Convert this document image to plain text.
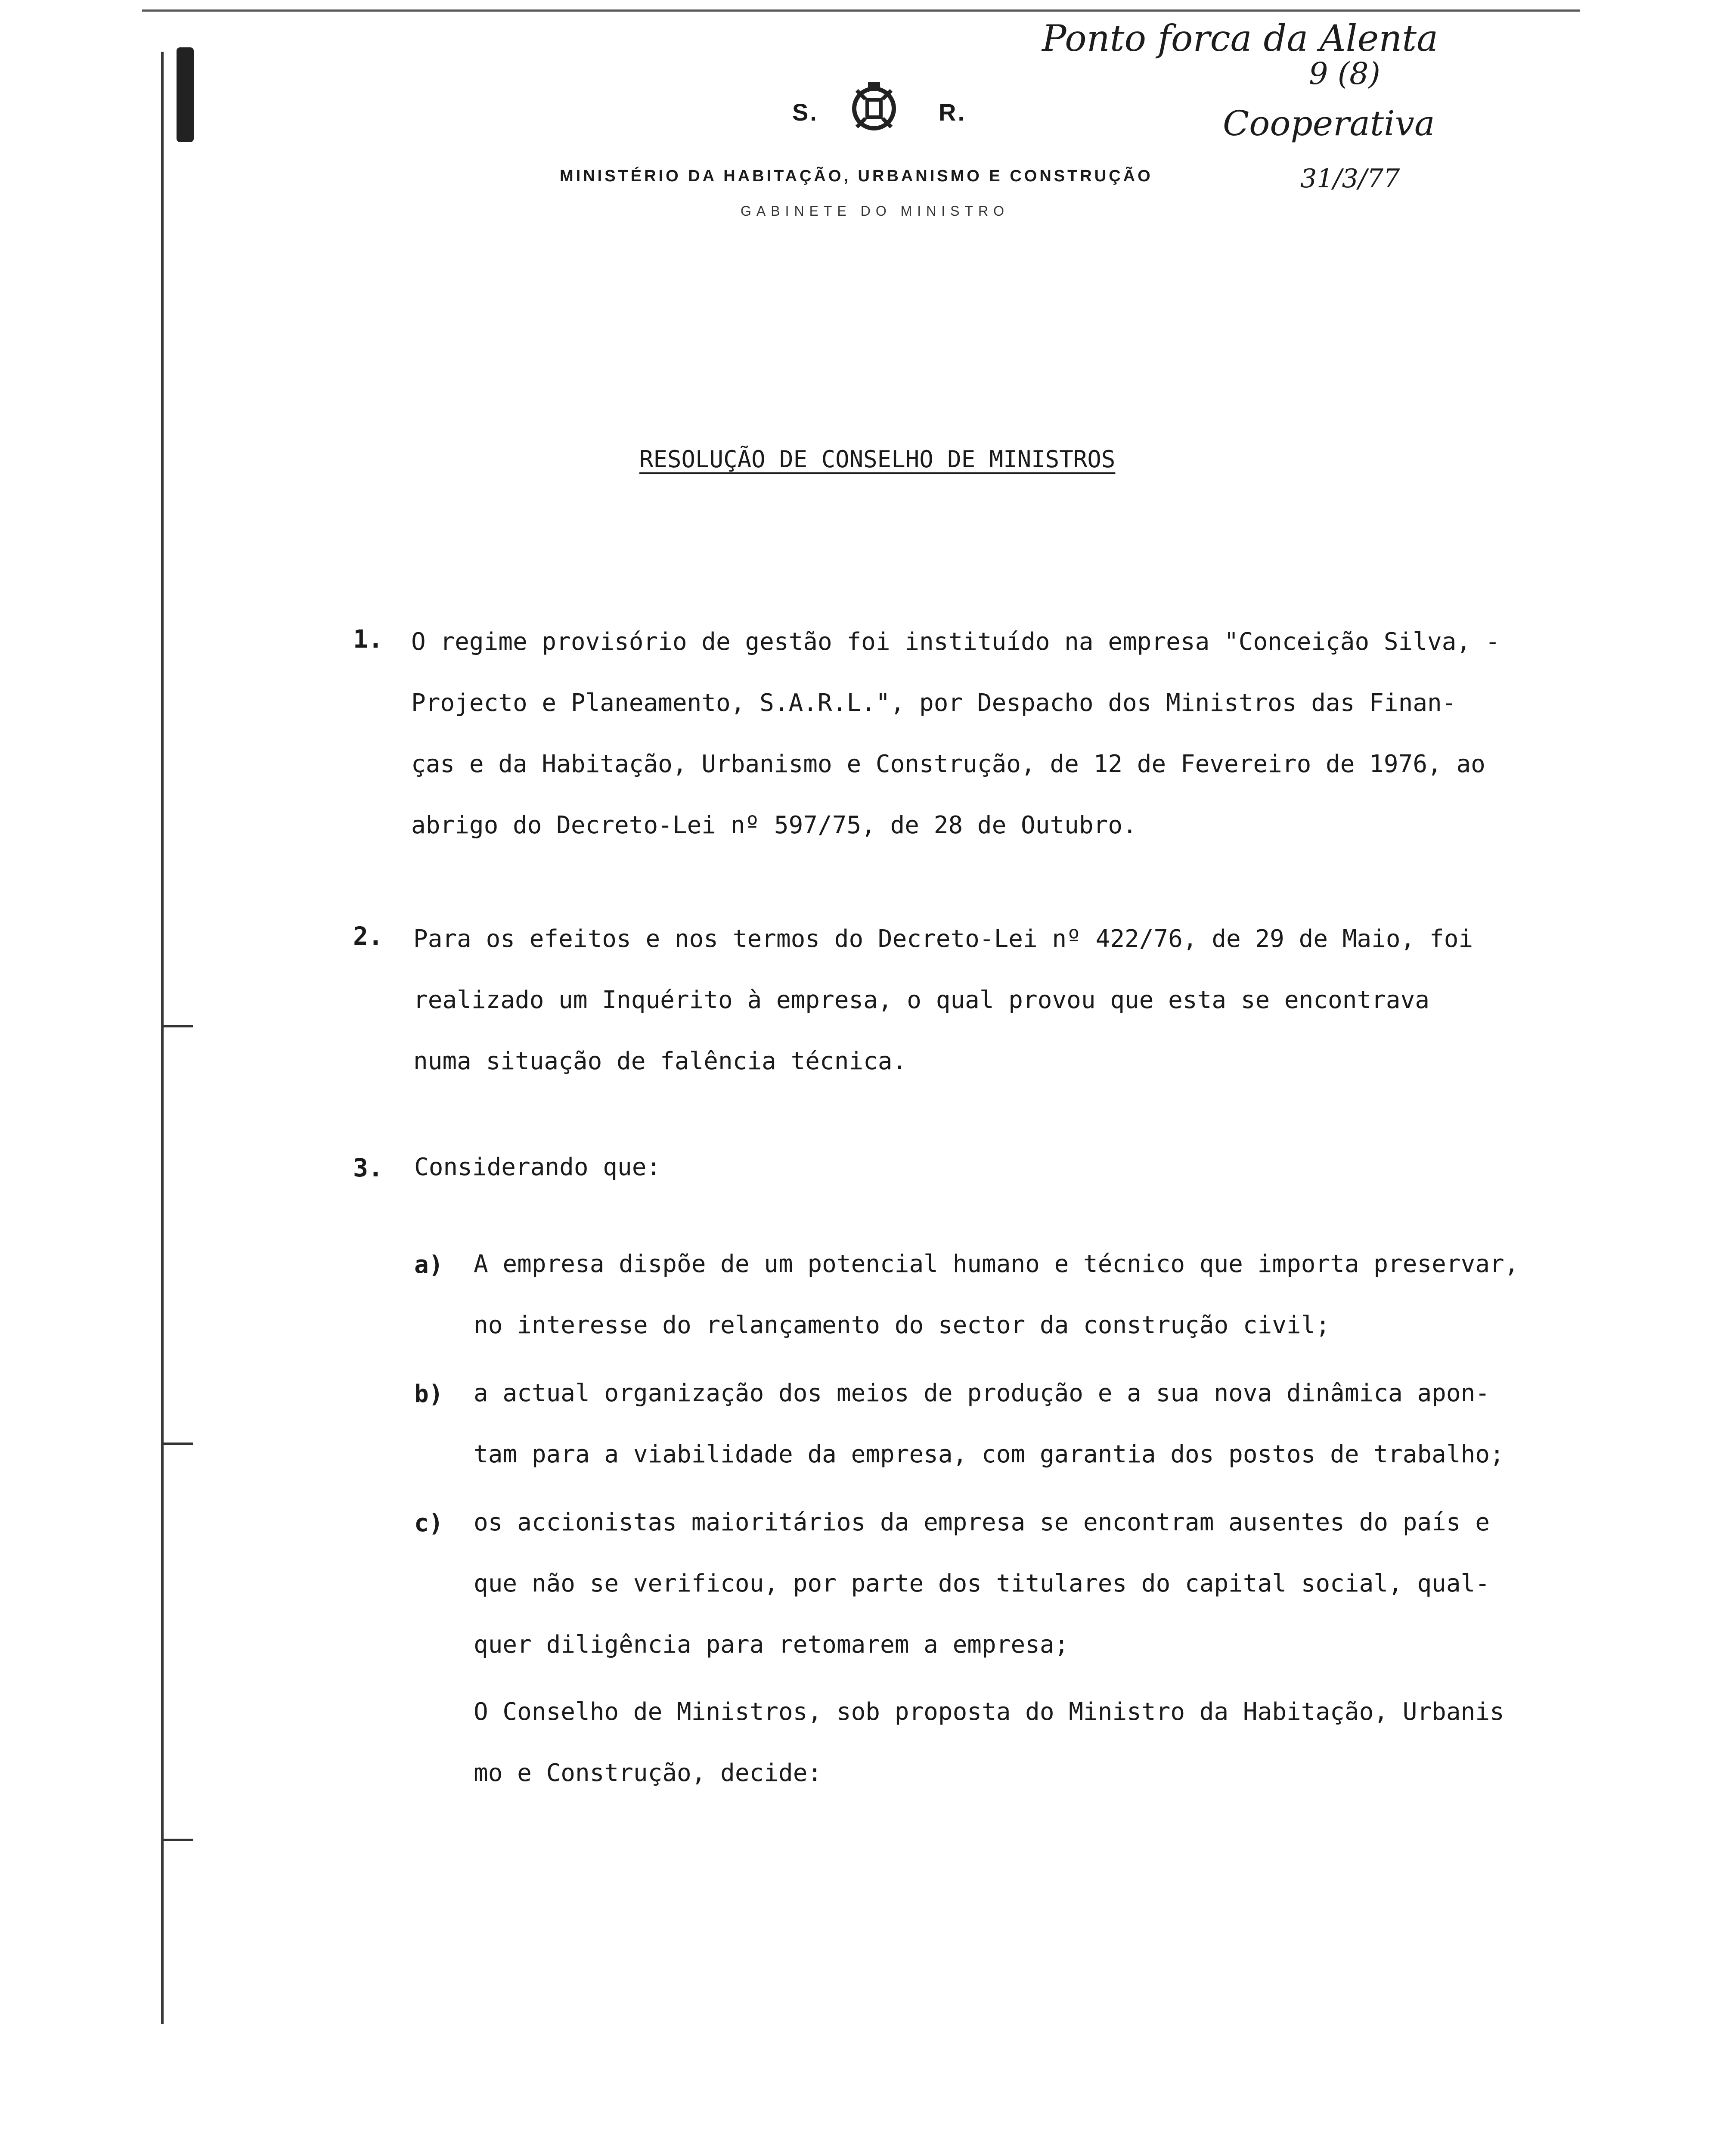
S.	R.
MINISTÉRIO DA HABITAÇÃO, URBANISMO E CONSTRUÇÃO
GABINETE DO MINISTRO
Ponto forca da Alenta
9 (8)
Cooperativa
31/3/77
RESOLUÇÃO DE CONSELHO DE MINISTROS
1. O regime provisório de gestão foi instituído na empresa "Conceição Silva, -
Projecto e Planeamento, S.A.R.L.", por Despacho dos Ministros das Finan-
ças e da Habitação, Urbanismo e Construção, de 12 de Fevereiro de 1976, ao
abrigo do Decreto-Lei nº 597/75, de 28 de Outubro.
2. Para os efeitos e nos termos do Decreto-Lei nº 422/76, de 29 de Maio, foi
realizado um Inquérito à empresa, o qual provou que esta se encontrava
numa situação de falência técnica.
3. Considerando que:
a) A empresa dispõe de um potencial humano e técnico que importa preservar,
no interesse do relançamento do sector da construção civil;
b) a actual organização dos meios de produção e a sua nova dinâmica apon-
tam para a viabilidade da empresa, com garantia dos postos de trabalho;
c) os accionistas maioritários da empresa se encontram ausentes do país e
que não se verificou, por parte dos titulares do capital social, qual-
quer diligência para retomarem a empresa;
O Conselho de Ministros, sob proposta do Ministro da Habitação, Urbanis
mo e Construção, decide:
